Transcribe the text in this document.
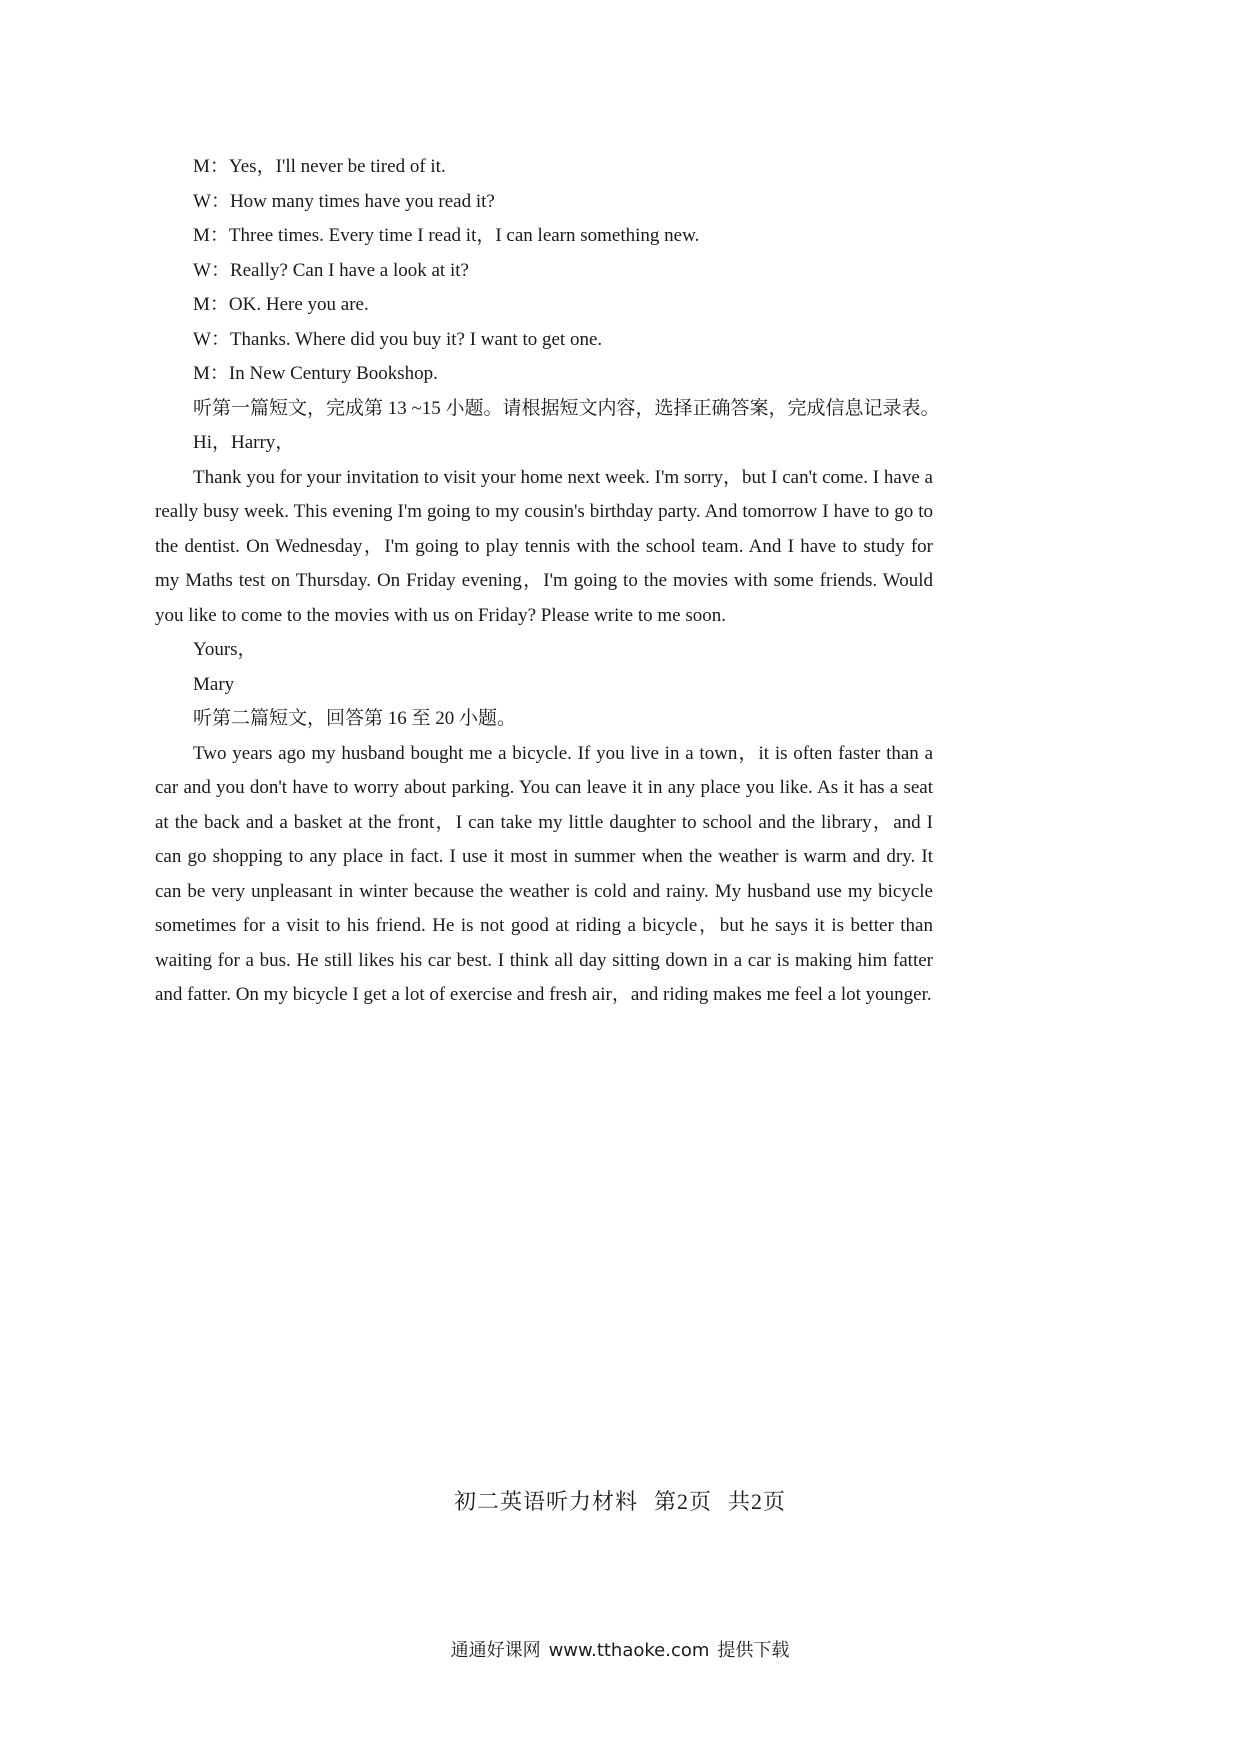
M：Yes，I'll never be tired of it.
W：How many times have you read it?
M：Three times. Every time I read it，I can learn something new.
W：Really? Can I have a look at it?
M：OK. Here you are.
W：Thanks. Where did you buy it? I want to get one.
M：In New Century Bookshop.
听第一篇短文，完成第 13 ~15 小题。请根据短文内容，选择正确答案，完成信息记录表。
Hi，Harry，

Thank you for your invitation to visit your home next week. I'm sorry，but I can't come. I have a really busy week. This evening I'm going to my cousin's birthday party. And tomorrow I have to go to the dentist. On Wednesday，I'm going to play tennis with the school team. And I have to study for my Maths test on Thursday. On Friday evening，I'm going to the movies with some friends. Would you like to come to the movies with us on Friday? Please write to me soon.

Yours，
Mary
听第二篇短文，回答第 16 至 20 小题。

Two years ago my husband bought me a bicycle. If you live in a town，it is often faster than a car and you don't have to worry about parking. You can leave it in any place you like. As it has a seat at the back and a basket at the front，I can take my little daughter to school and the library，and I can go shopping to any place in fact. I use it most in summer when the weather is warm and dry. It can be very unpleasant in winter because the weather is cold and rainy. My husband use my bicycle sometimes for a visit to his friend. He is not good at riding a bicycle，but he says it is better than waiting for a bus. He still likes his car best. I think all day sitting down in a car is making him fatter and fatter. On my bicycle I get a lot of exercise and fresh air，and riding makes me feel a lot younger.

初二英语听力材料 第2页 共2页
通通好课网 www.tthaoke.com 提供下载
